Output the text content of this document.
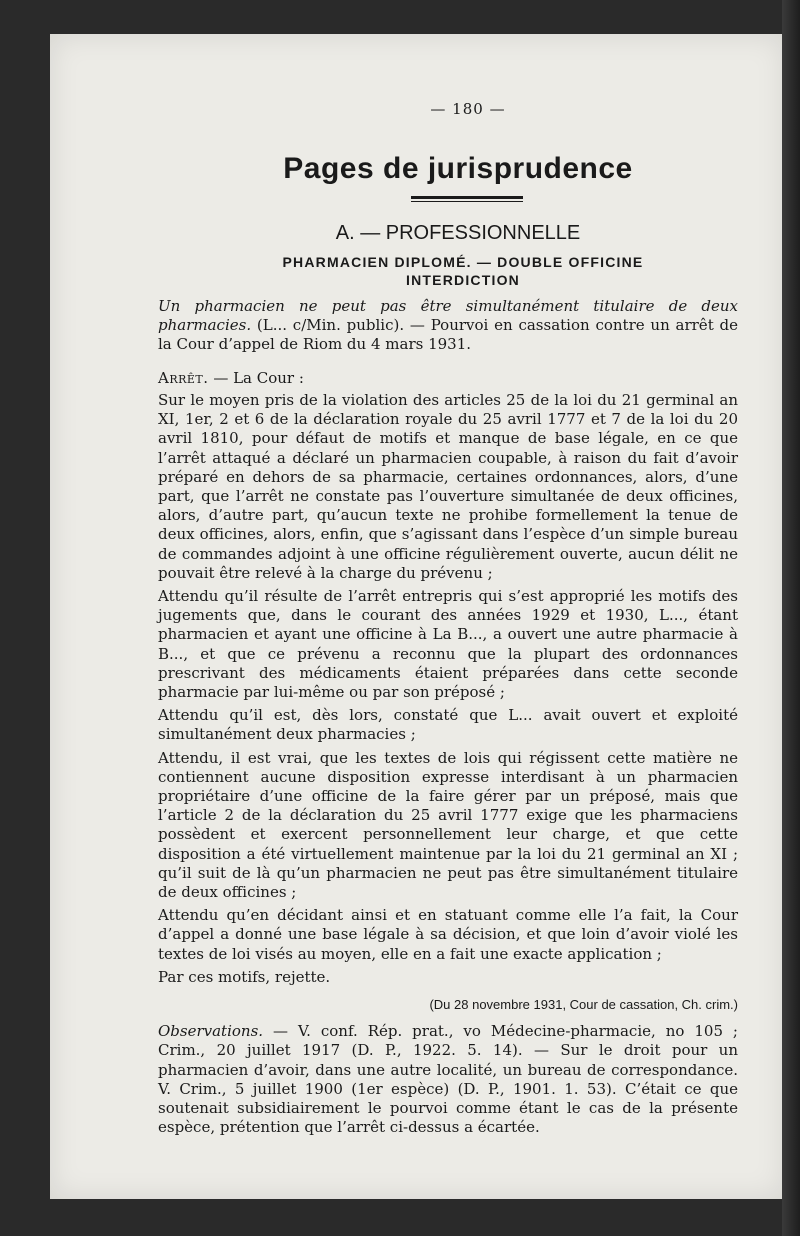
— 180 —
Pages de jurisprudence
A. — PROFESSIONNELLE
PHARMACIEN DIPLOMÉ. — DOUBLE OFFICINE
INTERDICTION

Un pharmacien ne peut pas être simultanément titulaire de deux pharmacies. (L... c/Min. public). — Pourvoi en cassation contre un arrêt de la Cour d’appel de Riom du 4 mars 1931.

Arrêt. — La Cour :

Sur le moyen pris de la violation des articles 25 de la loi du 21 germinal an XI, 1er, 2 et 6 de la déclaration royale du 25 avril 1777 et 7 de la loi du 20 avril 1810, pour défaut de motifs et manque de base légale, en ce que l’arrêt attaqué a déclaré un pharmacien coupable, à raison du fait d’avoir préparé en dehors de sa pharmacie, certaines ordonnances, alors, d’une part, que l’arrêt ne constate pas l’ouverture simultanée de deux officines, alors, d’autre part, qu’aucun texte ne prohibe formellement la tenue de deux officines, alors, enfin, que s’agissant dans l’espèce d’un simple bureau de commandes adjoint à une officine régulièrement ouverte, aucun délit ne pouvait être relevé à la charge du prévenu ;

Attendu qu’il résulte de l’arrêt entrepris qui s’est approprié les motifs des jugements que, dans le courant des années 1929 et 1930, L..., étant pharmacien et ayant une officine à La B..., a ouvert une autre pharmacie à B..., et que ce prévenu a reconnu que la plupart des ordonnances prescrivant des médicaments étaient préparées dans cette seconde pharmacie par lui-même ou par son préposé ;

Attendu qu’il est, dès lors, constaté que L... avait ouvert et exploité simultanément deux pharmacies ;

Attendu, il est vrai, que les textes de lois qui régissent cette matière ne contiennent aucune disposition expresse interdisant à un pharmacien propriétaire d’une officine de la faire gérer par un préposé, mais que l’article 2 de la déclaration du 25 avril 1777 exige que les pharmaciens possèdent et exercent personnellement leur charge, et que cette disposition a été virtuellement maintenue par la loi du 21 germinal an XI ; qu’il suit de là qu’un pharmacien ne peut pas être simultanément titulaire de deux officines ;

Attendu qu’en décidant ainsi et en statuant comme elle l’a fait, la Cour d’appel a donné une base légale à sa décision, et que loin d’avoir violé les textes de loi visés au moyen, elle en a fait une exacte application ;

Par ces motifs, rejette.

(Du 28 novembre 1931, Cour de cassation, Ch. crim.)

Observations. — V. conf. Rép. prat., vo Médecine-pharmacie, no 105 ; Crim., 20 juillet 1917 (D. P., 1922. 5. 14). — Sur le droit pour un pharmacien d’avoir, dans une autre localité, un bureau de correspondance. V. Crim., 5 juillet 1900 (1er espèce) (D. P., 1901. 1. 53). C’était ce que soutenait subsidiairement le pourvoi comme étant le cas de la présente espèce, prétention que l’arrêt ci-dessus a écartée.
